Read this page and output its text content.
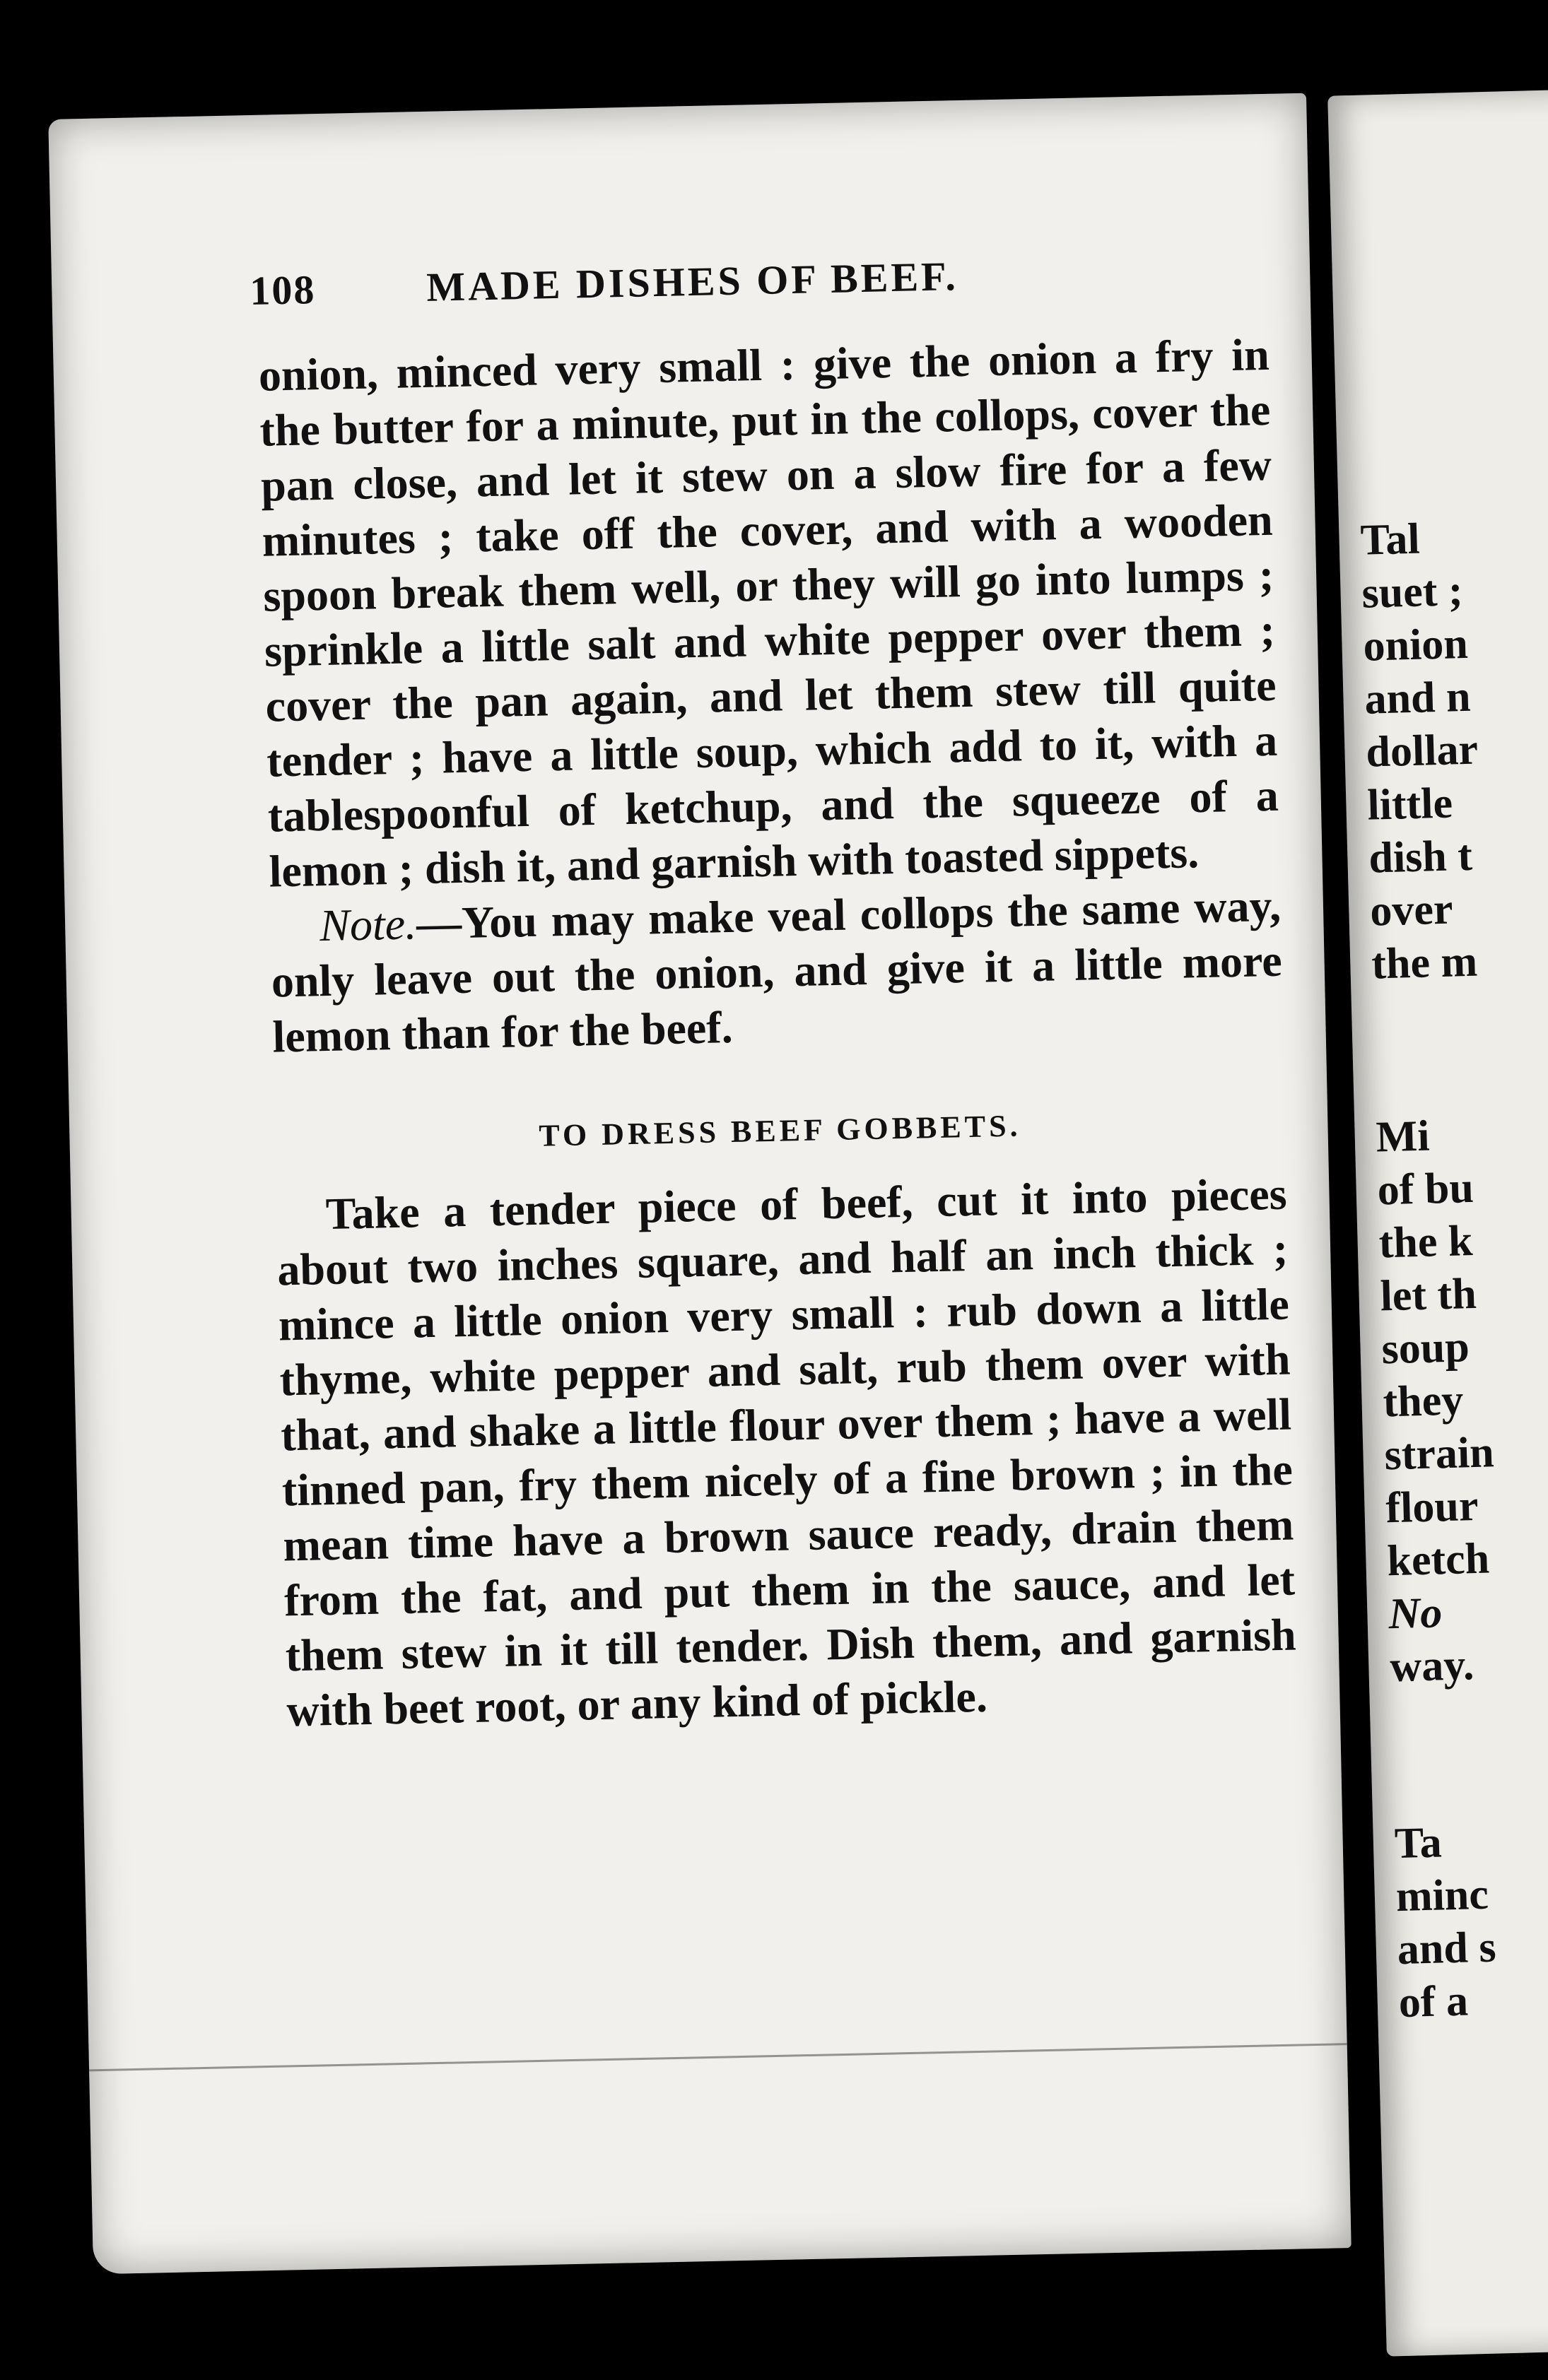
108	MADE DISHES OF BEEF.

onion, minced very small : give the onion a fry in the butter for a minute, put in the collops, cover the pan close, and let it stew on a slow fire for a few minutes ; take off the cover, and with a wooden spoon break them well, or they will go into lumps ; sprinkle a little salt and white pepper over them ; cover the pan again, and let them stew till quite tender ; have a little soup, which add to it, with a tablespoonful of ketchup, and the squeeze of a lemon ; dish it, and garnish with toasted sippets.

Note.—You may make veal collops the same way, only leave out the onion, and give it a little more lemon than for the beef.

TO DRESS BEEF GOBBETS.

Take a tender piece of beef, cut it into pieces about two inches square, and half an inch thick ; mince a little onion very small : rub down a little thyme, white pepper and salt, rub them over with that, and shake a little flour over them ; have a well tinned pan, fry them nicely of a fine brown ; in the mean time have a brown sauce ready, drain them from the fat, and put them in the sauce, and let them stew in it till tender. Dish them, and garnish with beet root, or any kind of pickle.

Tal
suet ;
onion
and n
dollar
little
dish t
over
the m
Mi
of bu
the k
let th
soup
they
strain
flour
ketch
No
way.
Ta
minc
and s
of a
